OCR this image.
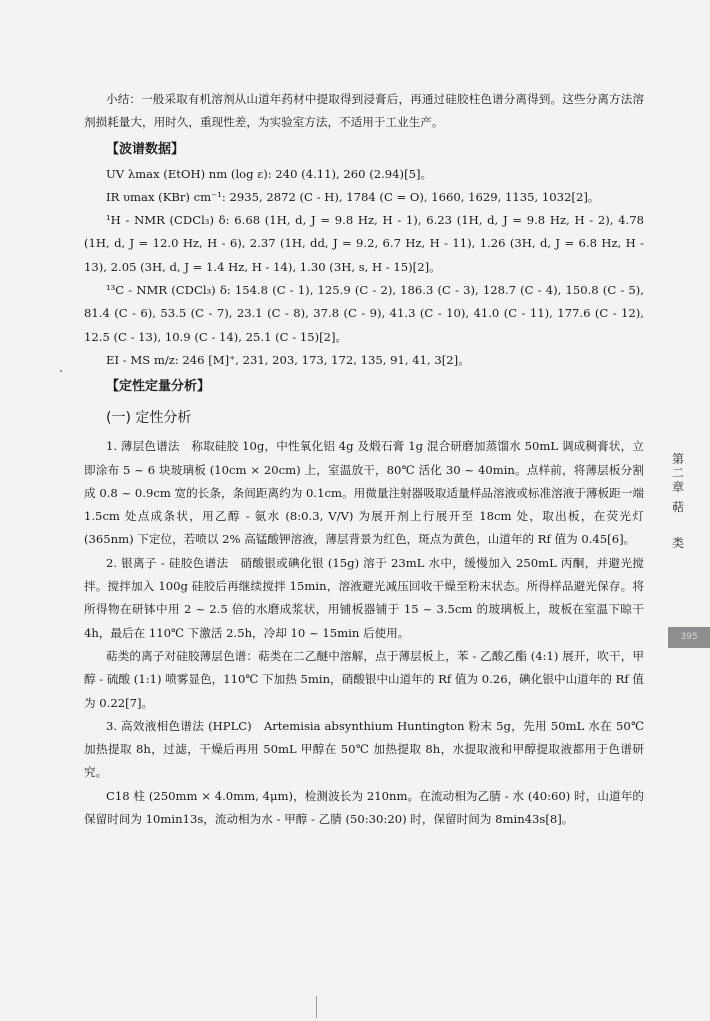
小结：一般采取有机溶剂从山道年药材中提取得到浸膏后，再通过硅胶柱色谱分离得到。这些分离方法溶剂损耗量大，用时久，重现性差，为实验室方法，不适用于工业生产。

【波谱数据】

UV λmax (EtOH) nm (log ε): 240 (4.11), 260 (2.94)[5]。

IR υmax (KBr) cm⁻¹: 2935, 2872 (C - H), 1784 (C = O), 1660, 1629, 1135, 1032[2]。

¹H - NMR (CDCl₃) δ: 6.68 (1H, d, J = 9.8 Hz, H - 1), 6.23 (1H, d, J = 9.8 Hz, H - 2), 4.78 (1H, d, J = 12.0 Hz, H - 6), 2.37 (1H, dd, J = 9.2, 6.7 Hz, H - 11), 1.26 (3H, d, J = 6.8 Hz, H - 13), 2.05 (3H, d, J = 1.4 Hz, H - 14), 1.30 (3H, s, H - 15)[2]。

¹³C - NMR (CDCl₃) δ: 154.8 (C - 1), 125.9 (C - 2), 186.3 (C - 3), 128.7 (C - 4), 150.8 (C - 5), 81.4 (C - 6), 53.5 (C - 7), 23.1 (C - 8), 37.8 (C - 9), 41.3 (C - 10), 41.0 (C - 11), 177.6 (C - 12), 12.5 (C - 13), 10.9 (C - 14), 25.1 (C - 15)[2]。

EI - MS m/z: 246 [M]⁺, 231, 203, 173, 172, 135, 91, 41, 3[2]。

【定性定量分析】

(一) 定性分析

1. 薄层色谱法　称取硅胶 10g，中性氧化铝 4g 及煅石膏 1g 混合研磨加蒸馏水 50mL 调成稠膏状，立即涂布 5 ~ 6 块玻璃板 (10cm × 20cm) 上，室温放干，80℃ 活化 30 ~ 40min。点样前，将薄层板分割成 0.8 ~ 0.9cm 宽的长条，条间距离约为 0.1cm。用微量注射器吸取适量样品溶液或标准溶液于薄板距一端 1.5cm 处点成条状，用乙醇 - 氨水 (8:0.3, V/V) 为展开剂上行展开至 18cm 处，取出板，在荧光灯 (365nm) 下定位，若喷以 2% 高锰酸钾溶液，薄层背景为红色，斑点为黄色，山道年的 Rf 值为 0.45[6]。

2. 银离子 - 硅胶色谱法　硝酸银或碘化银 (15g) 溶于 23mL 水中，缓慢加入 250mL 丙酮，并避光搅拌。搅拌加入 100g 硅胶后再继续搅拌 15min，溶液避光减压回收干燥至粉末状态。所得样品避光保存。将所得物在研钵中用 2 ~ 2.5 倍的水磨成浆状，用铺板器铺于 15 ~ 3.5cm 的玻璃板上，玻板在室温下晾干 4h，最后在 110℃ 下激活 2.5h，冷却 10 ~ 15min 后使用。

萜类的离子对硅胶薄层色谱：萜类在二乙醚中溶解，点于薄层板上，苯 - 乙酸乙酯 (4:1) 展开，吹干，甲醇 - 硫酸 (1:1) 喷雾显色，110℃ 下加热 5min，硝酸银中山道年的 Rf 值为 0.26，碘化银中山道年的 Rf 值为 0.22[7]。

3. 高效液相色谱法 (HPLC)　Artemisia absynthium Huntington 粉末 5g，先用 50mL 水在 50℃ 加热提取 8h，过滤，干燥后再用 50mL 甲醇在 50℃ 加热提取 8h，水提取液和甲醇提取液都用于色谱研究。

C18 柱 (250mm × 4.0mm, 4μm)，检测波长为 210nm。在流动相为乙腈 - 水 (40:60) 时，山道年的保留时间为 10min13s，流动相为水 - 甲醇 - 乙腈 (50:30:20) 时，保留时间为 8min43s[8]。

第
二
章
萜
类
395
